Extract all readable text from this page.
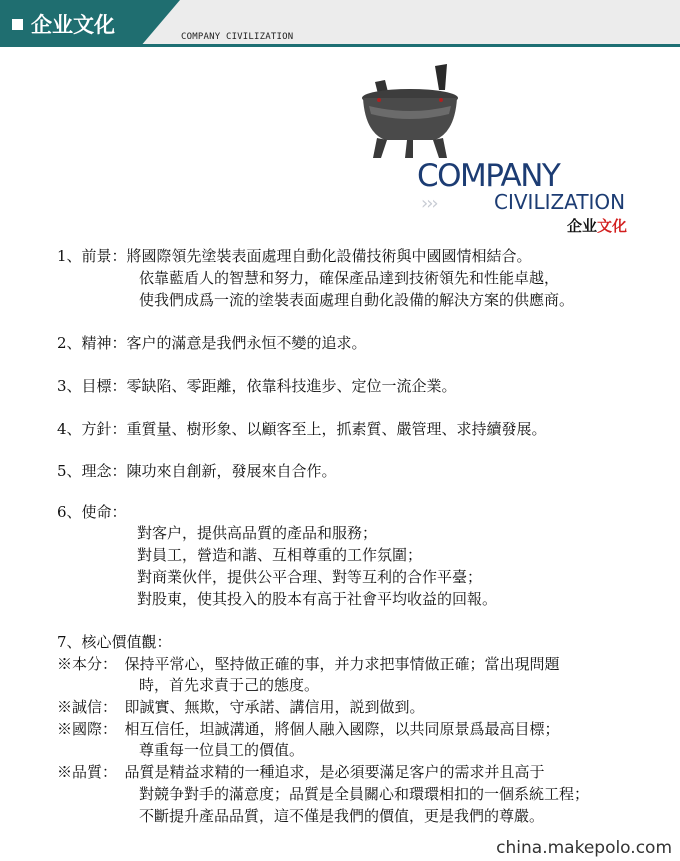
企业文化	COMPANY CIVILIZATION
COMPANY
›››	CIVILIZATION
企业文化
1、前景：將國際領先塗裝表面處理自動化設備技術與中國國情相結合。
依靠藍盾人的智慧和努力，確保產品達到技術領先和性能卓越，
使我們成爲一流的塗裝表面處理自動化設備的解決方案的供應商。
2、精神：客户的滿意是我們永恒不變的追求。
3、目標：零缺陷、零距離，依靠科技進步、定位一流企業。
4、方針：重質量、樹形象、以顧客至上，抓素質、嚴管理、求持續發展。
5、理念：陳功來自創新，發展來自合作。
6、使命：
對客户，提供高品質的產品和服務；
對員工，營造和諧、互相尊重的工作氛圍；
對商業伙伴，提供公平合理、對等互利的合作平臺；
對股東，使其投入的股本有高于社會平均收益的回報。
7、核心價值觀：
※本分：　保持平常心，堅持做正確的事，并力求把事情做正確；當出現問題
時，首先求責于己的態度。
※誠信：　即誠實、無欺，守承諾、講信用，説到做到。
※國際：　相互信任，坦誠溝通，將個人融入國際，以共同原景爲最高目標；
尊重每一位員工的價值。
※品質：　品質是精益求精的一種追求，是必須要滿足客户的需求并且高于
對競争對手的滿意度；品質是全員關心和環環相扣的一個系統工程；
不斷提升產品品質，這不僅是我們的價值，更是我們的尊嚴。
china.makepolo.com
